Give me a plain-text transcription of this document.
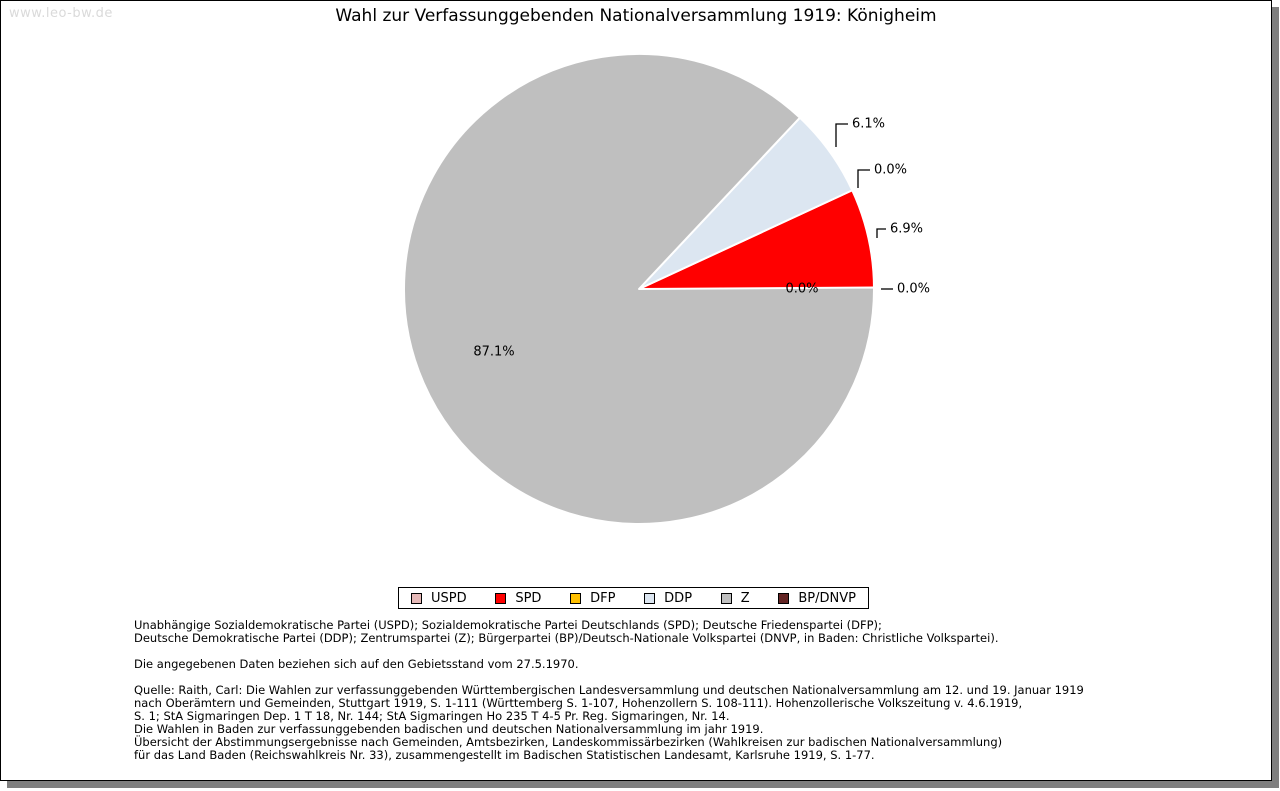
www.leo-bw.de	Wahl zur Verfassunggebenden Nationalversammlung 1919: Königheim
0.0%
6.9%
0.0%
6.1%
87.1%
0.0%
USPD	SPD	DFP	DDP	Z	BP/DNVP
Unabhängige Sozialdemokratische Partei (USPD); Sozialdemokratische Partei Deutschlands (SPD); Deutsche Friedenspartei (DFP);
Deutsche Demokratische Partei (DDP); Zentrumspartei (Z); Bürgerpartei (BP)/Deutsch-Nationale Volkspartei (DNVP, in Baden: Christliche Volkspartei).
Die angegebenen Daten beziehen sich auf den Gebietsstand vom 27.5.1970.
Quelle: Raith, Carl: Die Wahlen zur verfassunggebenden Württembergischen Landesversammlung und deutschen Nationalversammlung am 12. und 19. Januar 1919
nach Oberämtern und Gemeinden, Stuttgart 1919, S. 1-111 (Württemberg S. 1-107, Hohenzollern S. 108-111). Hohenzollerische Volkszeitung v. 4.6.1919,
S. 1; StA Sigmaringen Dep. 1 T 18, Nr. 144; StA Sigmaringen Ho 235 T 4-5 Pr. Reg. Sigmaringen, Nr. 14.
Die Wahlen in Baden zur verfassunggebenden badischen und deutschen Nationalversammlung im jahr 1919.
Übersicht der Abstimmungsergebnisse nach Gemeinden, Amtsbezirken, Landeskommissärbezirken (Wahlkreisen zur badischen Nationalversammlung)
für das Land Baden (Reichswahlkreis Nr. 33), zusammengestellt im Badischen Statistischen Landesamt, Karlsruhe 1919, S. 1-77.
